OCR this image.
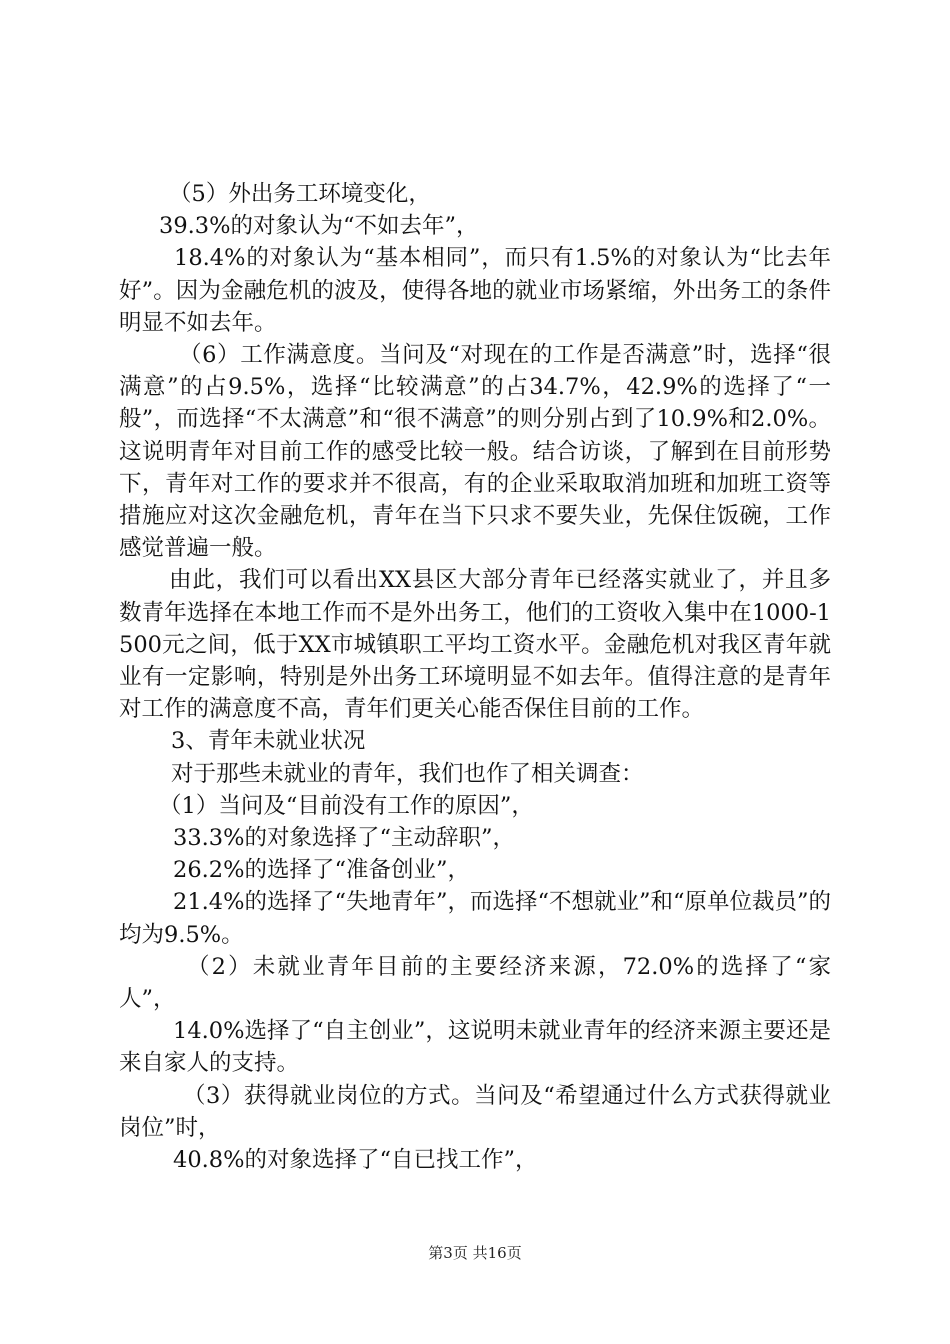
（5）外出务工环境变化，

39.3%的对象认为“不如去年”，

18.4%的对象认为“基本相同”，而只有1.5%的对象认为“比去年好”。因为金融危机的波及，使得各地的就业市场紧缩，外出务工的条件明显不如去年。

（6）工作满意度。当问及“对现在的工作是否满意”时，选择“很满意”的占9.5%，选择“比较满意”的占34.7%，42.9%的选择了“一般”，而选择“不太满意”和“很不满意”的则分别占到了10.9%和2.0%。这说明青年对目前工作的感受比较一般。结合访谈，了解到在目前形势下，青年对工作的要求并不很高，有的企业采取取消加班和加班工资等措施应对这次金融危机，青年在当下只求不要失业，先保住饭碗，工作感觉普遍一般。

由此，我们可以看出XX县区大部分青年已经落实就业了，并且多数青年选择在本地工作而不是外出务工，他们的工资收入集中在1000-1500元之间，低于XX市城镇职工平均工资水平。金融危机对我区青年就业有一定影响，特别是外出务工环境明显不如去年。值得注意的是青年对工作的满意度不高，青年们更关心能否保住目前的工作。

3、青年未就业状况

对于那些未就业的青年，我们也作了相关调查：

（1）当问及“目前没有工作的原因”，

33.3%的对象选择了“主动辞职”，

26.2%的选择了“准备创业”，

21.4%的选择了“失地青年”，而选择“不想就业”和“原单位裁员”的均为9.5%。

（2）未就业青年目前的主要经济来源，72.0%的选择了“家人”，

14.0%选择了“自主创业”，这说明未就业青年的经济来源主要还是来自家人的支持。

（3）获得就业岗位的方式。当问及“希望通过什么方式获得就业岗位”时，

40.8%的对象选择了“自已找工作”，

第3页 共16页
